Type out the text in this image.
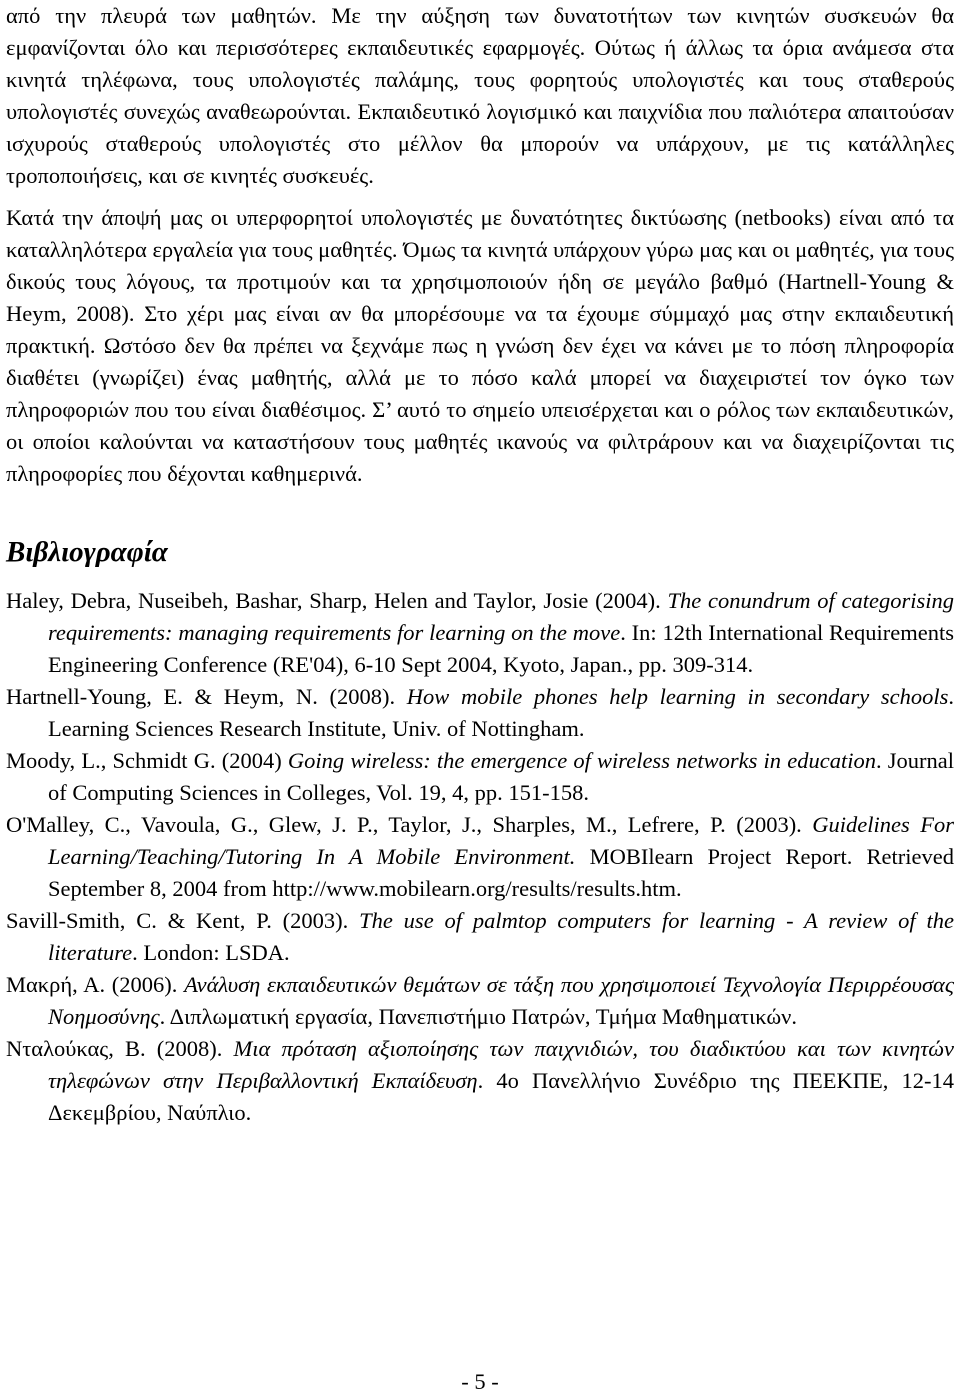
από την πλευρά των μαθητών. Με την αύξηση των δυνατοτήτων των κινητών συσκευών θα εμφανίζονται όλο και περισσότερες εκπαιδευτικές εφαρμογές. Ούτως ή άλλως τα όρια ανάμεσα στα κινητά τηλέφωνα, τους υπολογιστές παλάμης, τους φορητούς υπολογιστές και τους σταθερούς υπολογιστές συνεχώς αναθεωρούνται. Εκπαιδευτικό λογισμικό και παιχνίδια που παλιότερα απαιτούσαν ισχυρούς σταθερούς υπολογιστές στο μέλλον θα μπορούν να υπάρχουν, με τις κατάλληλες τροποποιήσεις, και σε κινητές συσκευές.

Κατά την άποψή μας οι υπερφορητοί υπολογιστές με δυνατότητες δικτύωσης (netbooks) είναι από τα καταλληλότερα εργαλεία για τους μαθητές. Όμως τα κινητά υπάρχουν γύρω μας και οι μαθητές, για τους δικούς τους λόγους, τα προτιμούν και τα χρησιμοποιούν ήδη σε μεγάλο βαθμό (Hartnell-Young & Heym, 2008). Στο χέρι μας είναι αν θα μπορέσουμε να τα έχουμε σύμμαχό μας στην εκπαιδευτική πρακτική. Ωστόσο δεν θα πρέπει να ξεχνάμε πως η γνώση δεν έχει να κάνει με το πόση πληροφορία διαθέτει (γνωρίζει) ένας μαθητής, αλλά με το πόσο καλά μπορεί να διαχειριστεί τον όγκο των πληροφοριών που του είναι διαθέσιμος. Σ’ αυτό το σημείο υπεισέρχεται και ο ρόλος των εκπαιδευτικών, οι οποίοι καλούνται να καταστήσουν τους μαθητές ικανούς να φιλτράρουν και να διαχειρίζονται τις πληροφορίες που δέχονται καθημερινά.

Βιβλιογραφία
Haley, Debra, Nuseibeh, Bashar, Sharp, Helen and Taylor, Josie (2004). The conundrum of categorising requirements: managing requirements for learning on the move. In: 12th International Requirements Engineering Conference (RE'04), 6-10 Sept 2004, Kyoto, Japan., pp. 309-314.
Hartnell-Young, E. & Heym, N. (2008). How mobile phones help learning in secondary schools. Learning Sciences Research Institute, Univ. of Nottingham.
Moody, L., Schmidt G. (2004) Going wireless: the emergence of wireless networks in education. Journal of Computing Sciences in Colleges, Vol. 19, 4, pp. 151-158.
O'Malley, C., Vavoula, G., Glew, J. P., Taylor, J., Sharples, M., Lefrere, P. (2003). Guidelines For Learning/Teaching/Tutoring In A Mobile Environment. MOBIlearn Project Report. Retrieved September 8, 2004 from http://www.mobilearn.org/results/results.htm.
Savill-Smith, C. & Kent, P. (2003). The use of palmtop computers for learning - A review of the literature. London: LSDA.
Μακρή, Α. (2006). Ανάλυση εκπαιδευτικών θεμάτων σε τάξη που χρησιμοποιεί Τεχνολογία Περιρρέουσας Νοημοσύνης. Διπλωματική εργασία, Πανεπιστήμιο Πατρών, Τμήμα Μαθηματικών.
Νταλούκας, Β. (2008). Μια πρόταση αξιοποίησης των παιχνιδιών, του διαδικτύου και των κινητών τηλεφώνων στην Περιβαλλοντική Εκπαίδευση. 4ο Πανελλήνιο Συνέδριο της ΠΕΕΚΠΕ, 12-14 Δεκεμβρίου, Ναύπλιο.
- 5 -
